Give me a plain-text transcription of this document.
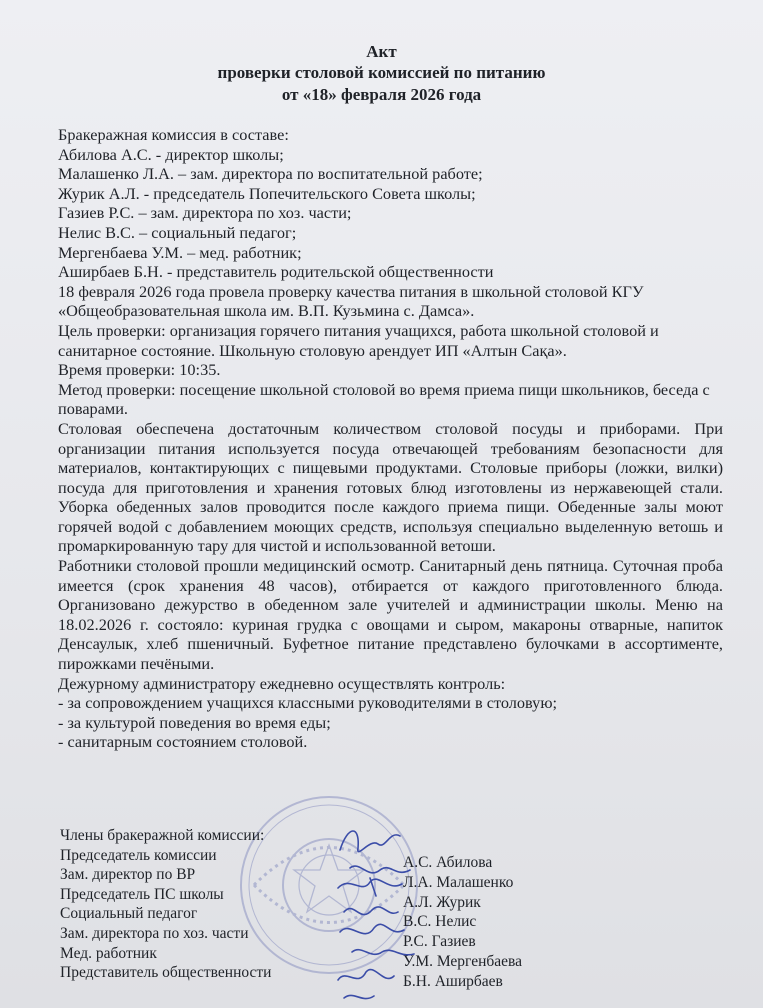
Акт
проверки столовой комиссией по питанию
от «18» февраля 2026 года

Бракеражная комиссия в составе:

Абилова А.С. - директор школы;

Малашенко Л.А. – зам. директора по воспитательной работе;

Журик А.Л. - председатель Попечительского Совета школы;

Газиев Р.С. – зам. директора по хоз. части;

Нелис В.С. – социальный педагог;

Мергенбаева У.М. – мед. работник;

Аширбаев Б.Н. - представитель родительской общественности

18 февраля 2026 года провела проверку качества питания в школьной столовой КГУ «Общеобразовательная школа им. В.П. Кузьмина с. Дамса».

Цель проверки: организация горячего питания учащихся, работа школьной столовой и санитарное состояние. Школьную столовую арендует ИП «Алтын Сақа».

Время проверки: 10:35.

Метод проверки: посещение школьной столовой во время приема пищи школьников, беседа с поварами.

Столовая обеспечена достаточным количеством столовой посуды и приборами. При организации питания используется посуда отвечающей требованиям безопасности для материалов, контактирующих с пищевыми продуктами. Столовые приборы (ложки, вилки) посуда для приготовления и хранения готовых блюд изготовлены из нержавеющей стали. Уборка обеденных залов проводится после каждого приема пищи. Обеденные залы моют горячей водой с добавлением моющих средств, используя специально выделенную ветошь и промаркированную тару для чистой и использованной ветоши.

Работники столовой прошли медицинский осмотр. Санитарный день пятница. Суточная проба имеется (срок хранения 48 часов), отбирается от каждого приготовленного блюда. Организовано дежурство в обеденном зале учителей и администрации школы. Меню на 18.02.2026 г. состояло: куриная грудка с овощами и сыром, макароны отварные, напиток Денсаулык, хлеб пшеничный. Буфетное питание представлено булочками в ассортименте, пирожками печёными.

Дежурному администратору ежедневно осуществлять контроль:

- за сопровождением учащихся классными руководителями в столовую;

- за культурой поведения во время еды;

- санитарным состоянием столовой.

Члены бракеражной комиссии:
Председатель комиссии
Зам. директор по ВР
Председатель ПС школы
Социальный педагог
Зам. директора по хоз. части
Мед. работник
Представитель общественности
А.С. Абилова
Л.А. Малашенко
А.Л. Журик
В.С. Нелис
Р.С. Газиев
У.М. Мергенбаева
Б.Н. Аширбаев
